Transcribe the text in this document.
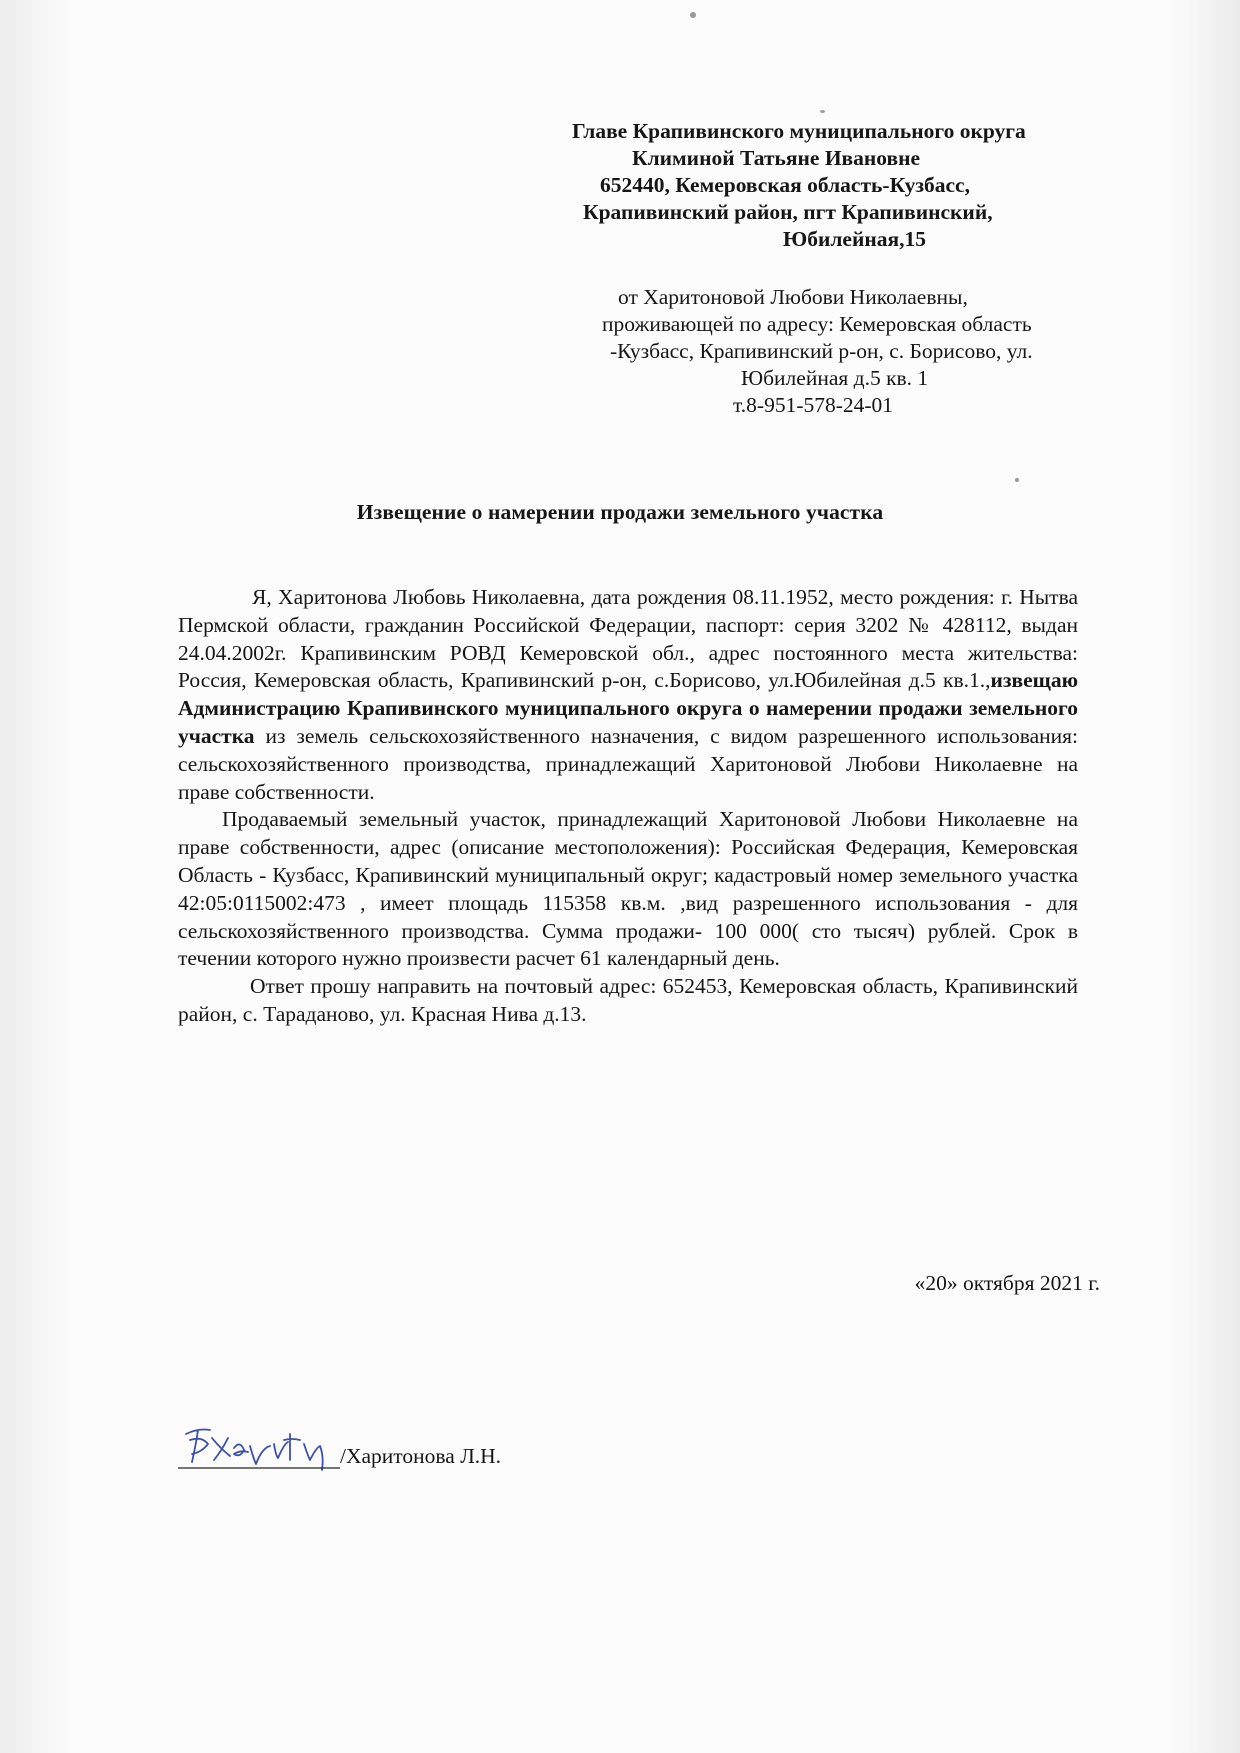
Главе Крапивинского муниципального округа
Климиной Татьяне Ивановне
652440, Кемеровская область-Кузбасс,
Крапивинский район, пгт Крапивинский,
Юбилейная,15
от Харитоновой Любови Николаевны,
проживающей по адресу: Кемеровская область
-Кузбасс, Крапивинский р-он, с. Борисово, ул.
Юбилейная д.5 кв. 1
т.8-951-578-24-01
Извещение о намерении продажи земельного участка

Я, Харитонова Любовь Николаевна, дата рождения 08.11.1952, место рождения: г. Нытва Пермской области, гражданин Российской Федерации, паспорт: серия 3202 № 428112, выдан 24.04.2002г. Крапивинским РОВД Кемеровской обл., адрес постоянного места жительства: Россия, Кемеровская область, Крапивинский р-он, с.Борисово, ул.Юбилейная д.5 кв.1.,извещаю Администрацию Крапивинского муниципального округа о намерении продажи земельного участка из земель сельскохозяйственного назначения, с видом разрешенного использования: сельскохозяйственного производства, принадлежащий Харитоновой Любови Николаевне на праве собственности.

Продаваемый земельный участок, принадлежащий Харитоновой Любови Николаевне на праве собственности, адрес (описание местоположения): Российская Федерация, Кемеровская Область - Кузбасс, Крапивинский муниципальный округ; кадастровый номер земельного участка 42:05:0115002:473 , имеет площадь 115358 кв.м. ,вид разрешенного использования - для сельскохозяйственного производства. Сумма продажи- 100 000( сто тысяч) рублей. Срок в течении которого нужно произвести расчет 61 календарный день.

Ответ прошу направить на почтовый адрес: 652453, Кемеровская область, Крапивинский район, с. Тараданово, ул. Красная Нива д.13.

«20» октября 2021 г.
/Харитонова Л.Н.
